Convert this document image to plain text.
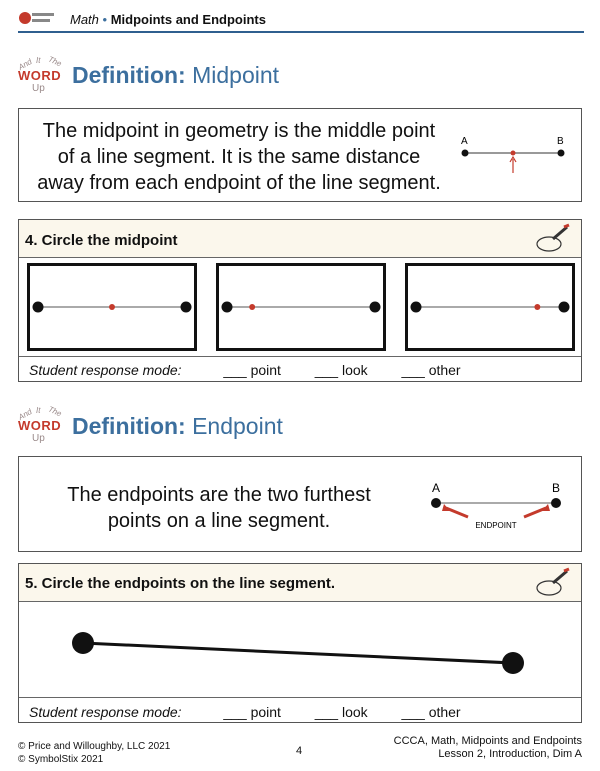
Math • Midpoints and Endpoints
And It The
WORD
Up
Definition: Midpoint
The midpoint in geometry is the middle point
of a line segment. It is the same distance
away from each endpoint of the line segment.
A	B
4. Circle the midpoint
Student response mode:	___ point ___ look ___ other
And It The
WORD
Up Definition: Endpoint
The endpoints are the two furthest
points on a line segment.
A	B
ENDPOINT
5. Circle the endpoints on the line segment.
Student response mode:	___ point ___ look ___ other
© Price and Willoughby, LLC 2021
© SymbolStix 2021
4
CCCA, Math, Midpoints and Endpoints
Lesson 2, Introduction, Dim A
